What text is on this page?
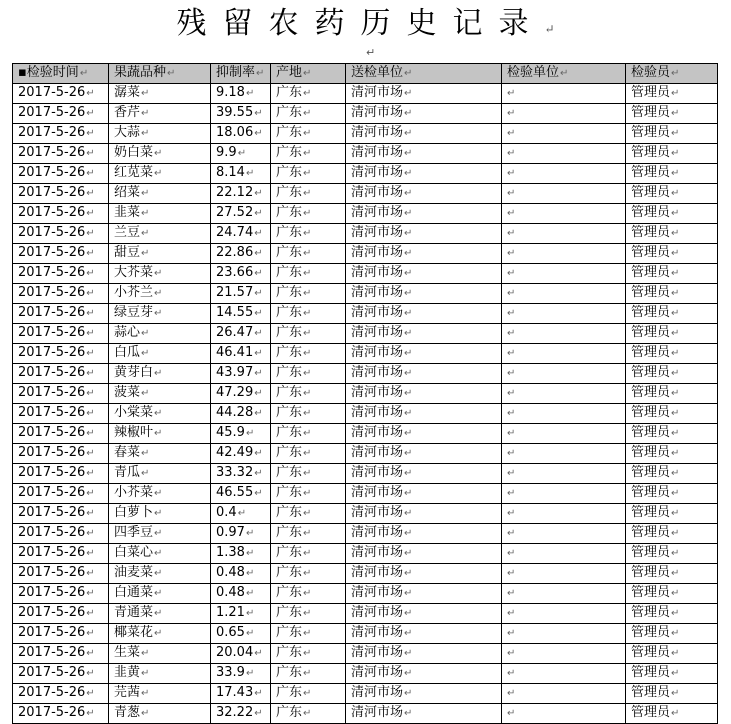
残留农药历史记录↵
↵
▪检验时间↵	果蔬品种↵	抑制率↵	产地↵	送检单位↵	检验单位↵	检验员↵
2017-5-26↵	潺菜↵	9.18↵	广东↵	清河市场↵	↵	管理员↵
2017-5-26↵	香芹↵	39.55↵	广东↵	清河市场↵	↵	管理员↵
2017-5-26↵	大蒜↵	18.06↵	广东↵	清河市场↵	↵	管理员↵
2017-5-26↵	奶白菜↵	9.9↵	广东↵	清河市场↵	↵	管理员↵
2017-5-26↵	红苋菜↵	8.14↵	广东↵	清河市场↵	↵	管理员↵
2017-5-26↵	绍菜↵	22.12↵	广东↵	清河市场↵	↵	管理员↵
2017-5-26↵	韭菜↵	27.52↵	广东↵	清河市场↵	↵	管理员↵
2017-5-26↵	兰豆↵	24.74↵	广东↵	清河市场↵	↵	管理员↵
2017-5-26↵	甜豆↵	22.86↵	广东↵	清河市场↵	↵	管理员↵
2017-5-26↵	大芥菜↵	23.66↵	广东↵	清河市场↵	↵	管理员↵
2017-5-26↵	小芥兰↵	21.57↵	广东↵	清河市场↵	↵	管理员↵
2017-5-26↵	绿豆芽↵	14.55↵	广东↵	清河市场↵	↵	管理员↵
2017-5-26↵	蒜心↵	26.47↵	广东↵	清河市场↵	↵	管理员↵
2017-5-26↵	白瓜↵	46.41↵	广东↵	清河市场↵	↵	管理员↵
2017-5-26↵	黄芽白↵	43.97↵	广东↵	清河市场↵	↵	管理员↵
2017-5-26↵	菠菜↵	47.29↵	广东↵	清河市场↵	↵	管理员↵
2017-5-26↵	小棠菜↵	44.28↵	广东↵	清河市场↵	↵	管理员↵
2017-5-26↵	辣椒叶↵	45.9↵	广东↵	清河市场↵	↵	管理员↵
2017-5-26↵	春菜↵	42.49↵	广东↵	清河市场↵	↵	管理员↵
2017-5-26↵	青瓜↵	33.32↵	广东↵	清河市场↵	↵	管理员↵
2017-5-26↵	小芥菜↵	46.55↵	广东↵	清河市场↵	↵	管理员↵
2017-5-26↵	白萝卜↵	0.4↵	广东↵	清河市场↵	↵	管理员↵
2017-5-26↵	四季豆↵	0.97↵	广东↵	清河市场↵	↵	管理员↵
2017-5-26↵	白菜心↵	1.38↵	广东↵	清河市场↵	↵	管理员↵
2017-5-26↵	油麦菜↵	0.48↵	广东↵	清河市场↵	↵	管理员↵
2017-5-26↵	白通菜↵	0.48↵	广东↵	清河市场↵	↵	管理员↵
2017-5-26↵	青通菜↵	1.21↵	广东↵	清河市场↵	↵	管理员↵
2017-5-26↵	椰菜花↵	0.65↵	广东↵	清河市场↵	↵	管理员↵
2017-5-26↵	生菜↵	20.04↵	广东↵	清河市场↵	↵	管理员↵
2017-5-26↵	韭黄↵	33.9↵	广东↵	清河市场↵	↵	管理员↵
2017-5-26↵	芫茜↵	17.43↵	广东↵	清河市场↵	↵	管理员↵
2017-5-26↵	青葱↵	32.22↵	广东↵	清河市场↵	↵	管理员↵
